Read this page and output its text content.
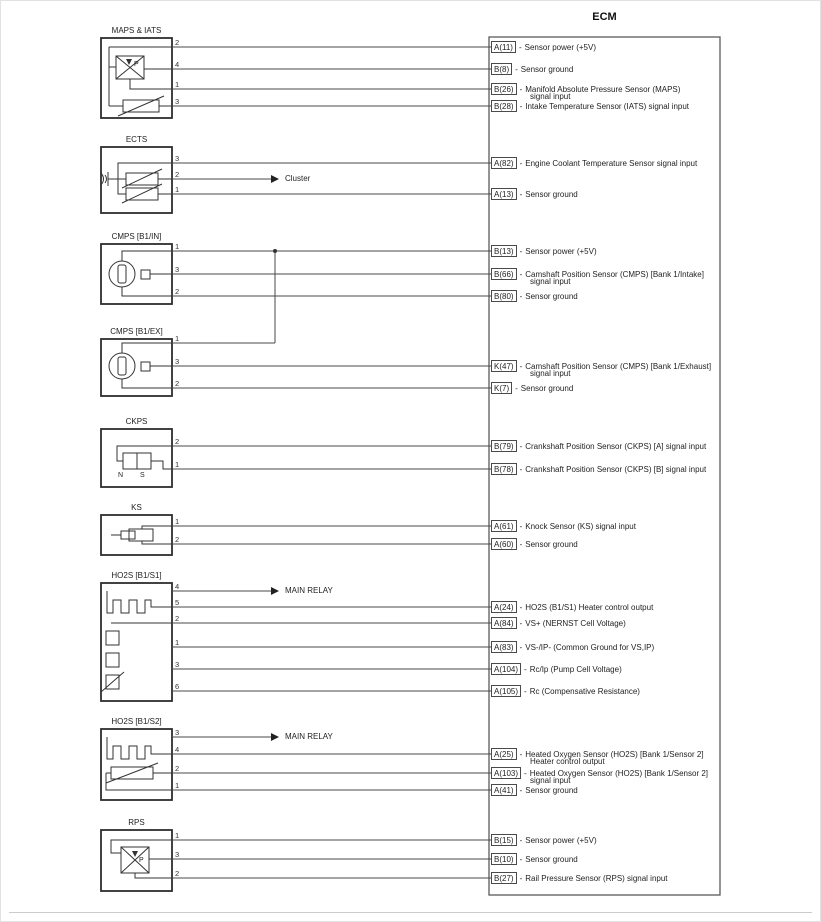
ECM
MAPS & IATS
2	A(11) - Sensor power (+5V)
4	B(8) - Sensor ground
1	B(26) - Manifold Absolute Pressure Sensor (MAPS)
signal input
3	B(28) - Intake Temperature Sensor (IATS) signal input
P
ECTS
3	A(82) - Engine Coolant Temperature Sensor signal input
2	Cluster
1	A(13) - Sensor ground
CMPS [B1/IN]
1	B(13) - Sensor power (+5V)
3	B(66) - Camshaft Position Sensor (CMPS) [Bank 1/Intake]
signal input
2	B(80) - Sensor ground
CMPS [B1/EX]
1
3	K(47) - Camshaft Position Sensor (CMPS) [Bank 1/Exhaust]
signal input
2	K(7) - Sensor ground
CKPS
2	B(79) - Crankshaft Position Sensor (CKPS) [A] signal input
1	B(78) - Crankshaft Position Sensor (CKPS) [B] signal input
N S
KS
1	A(61) - Knock Sensor (KS) signal input
2	A(60) - Sensor ground
HO2S [B1/S1]
4	MAIN RELAY
5	A(24) - HO2S (B1/S1) Heater control output
2	A(84) - VS+ (NERNST Cell Voltage)
1	A(83) - VS-/IP- (Common Ground for VS,IP)
3	A(104) - Rc/Ip (Pump Cell Voltage)
6	A(105) - Rc (Compensative Resistance)
HO2S [B1/S2]
3	MAIN RELAY
4	A(25) - Heated Oxygen Sensor (HO2S) [Bank 1/Sensor 2]
Heater control output
2	A(103) - Heated Oxygen Sensor (HO2S) [Bank 1/Sensor 2]
signal input
1	A(41) - Sensor ground
RPS
1	B(15) - Sensor power (+5V)
3	B(10) - Sensor ground
2	B(27) - Rail Pressure Sensor (RPS) signal input
P
